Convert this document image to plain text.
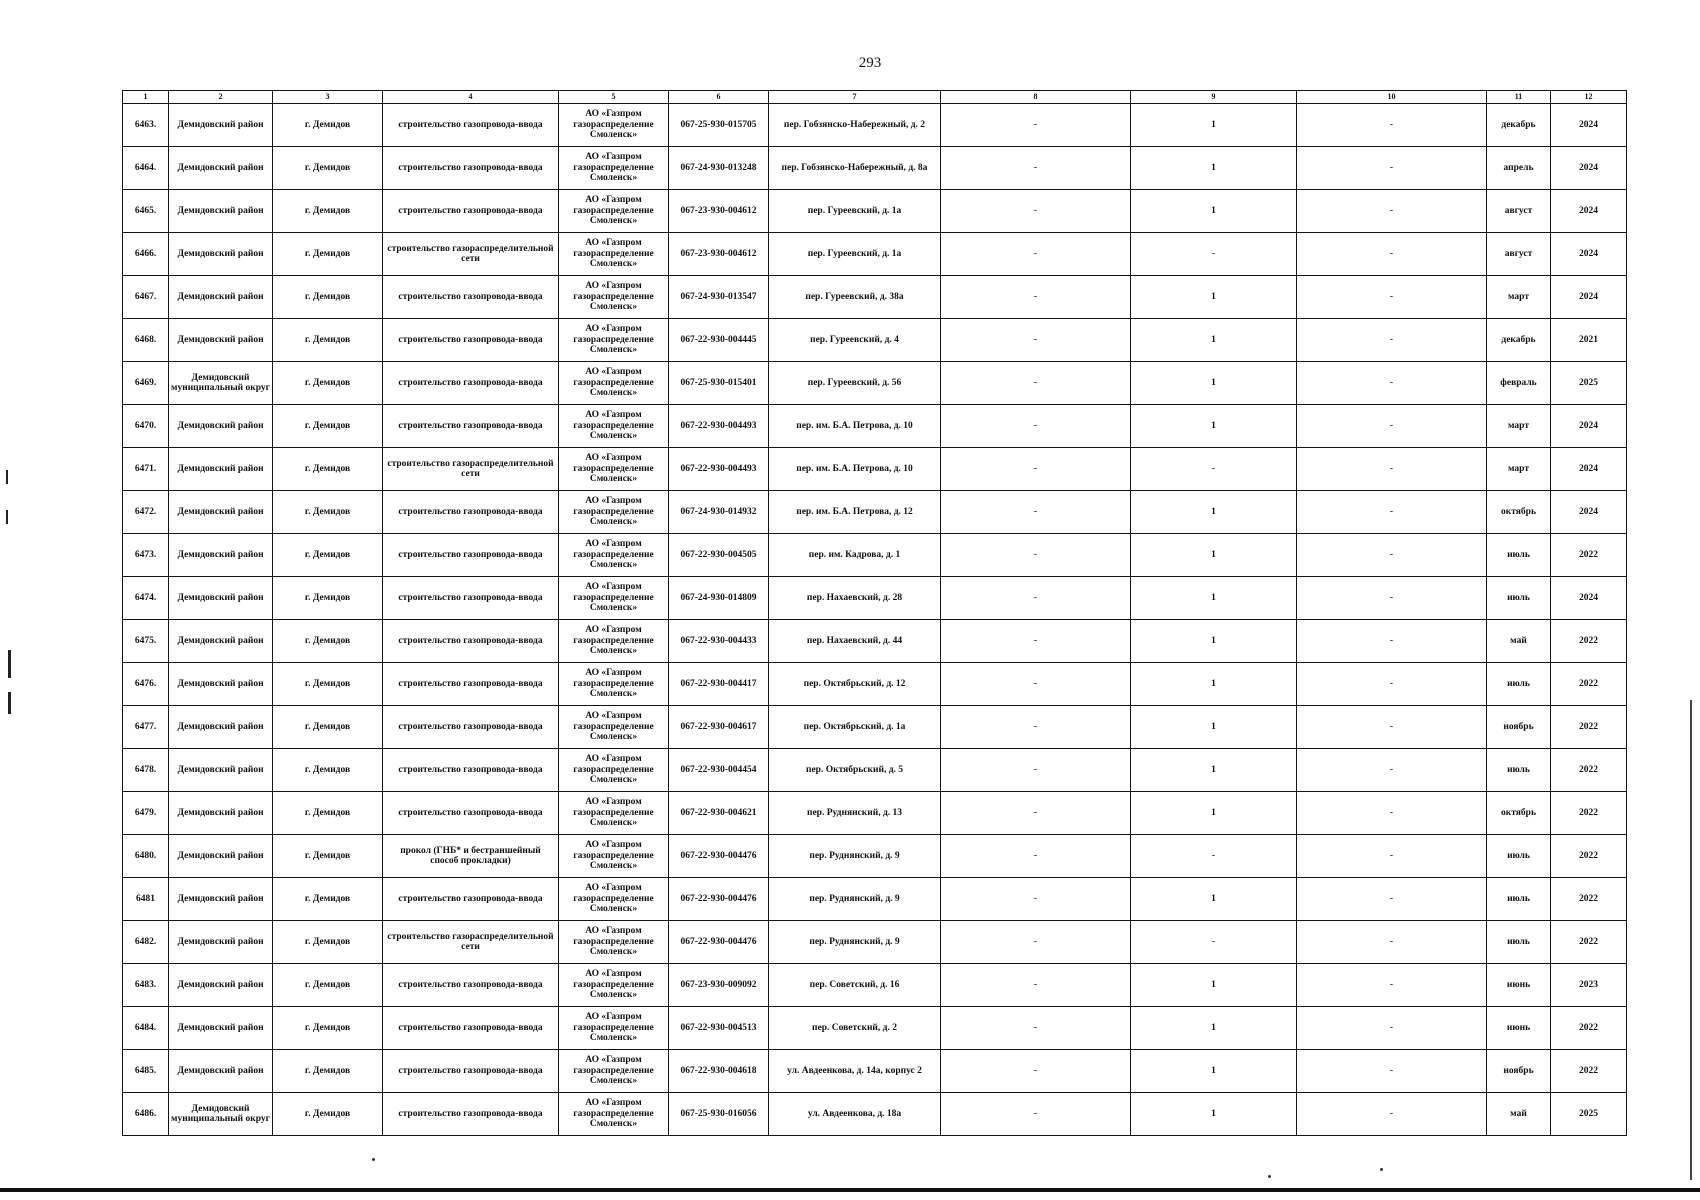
293
1	2	3	4	5	6	7	8	9	10	11	12
6463.	Демидовский район	г. Демидов	строительство газопровода-ввода	АО «Газпром газораспределение Смоленск»	067-25-930-015705	пер. Гобзянско-Набережный, д. 2	-	1	-	декабрь	2024
6464.	Демидовский район	г. Демидов	строительство газопровода-ввода	АО «Газпром газораспределение Смоленск»	067-24-930-013248	пер. Гобзянско-Набережный, д. 8а	-	1	-	апрель	2024
6465.	Демидовский район	г. Демидов	строительство газопровода-ввода	АО «Газпром газораспределение Смоленск»	067-23-930-004612	пер. Гуреевский, д. 1а	-	1	-	август	2024
6466.	Демидовский район	г. Демидов	строительство газораспределительной сети	АО «Газпром газораспределение Смоленск»	067-23-930-004612	пер. Гуреевский, д. 1а	-	-	-	август	2024
6467.	Демидовский район	г. Демидов	строительство газопровода-ввода	АО «Газпром газораспределение Смоленск»	067-24-930-013547	пер. Гуреевский, д. 38а	-	1	-	март	2024
6468.	Демидовский район	г. Демидов	строительство газопровода-ввода	АО «Газпром газораспределение Смоленск»	067-22-930-004445	пер. Гуреевский, д. 4	-	1	-	декабрь	2021
6469.	Демидовский муниципальный округ	г. Демидов	строительство газопровода-ввода	АО «Газпром газораспределение Смоленск»	067-25-930-015401	пер. Гуреевский, д. 56	-	1	-	февраль	2025
6470.	Демидовский район	г. Демидов	строительство газопровода-ввода	АО «Газпром газораспределение Смоленск»	067-22-930-004493	пер. им. Б.А. Петрова, д. 10	-	1	-	март	2024
6471.	Демидовский район	г. Демидов	строительство газораспределительной сети	АО «Газпром газораспределение Смоленск»	067-22-930-004493	пер. им. Б.А. Петрова, д. 10	-	-	-	март	2024
6472.	Демидовский район	г. Демидов	строительство газопровода-ввода	АО «Газпром газораспределение Смоленск»	067-24-930-014932	пер. им. Б.А. Петрова, д. 12	-	1	-	октябрь	2024
6473.	Демидовский район	г. Демидов	строительство газопровода-ввода	АО «Газпром газораспределение Смоленск»	067-22-930-004505	пер. им. Кадрова, д. 1	-	1	-	июль	2022
6474.	Демидовский район	г. Демидов	строительство газопровода-ввода	АО «Газпром газораспределение Смоленск»	067-24-930-014809	пер. Нахаевский, д. 28	-	1	-	июль	2024
6475.	Демидовский район	г. Демидов	строительство газопровода-ввода	АО «Газпром газораспределение Смоленск»	067-22-930-004433	пер. Нахаевский, д. 44	-	1	-	май	2022
6476.	Демидовский район	г. Демидов	строительство газопровода-ввода	АО «Газпром газораспределение Смоленск»	067-22-930-004417	пер. Октябрьский, д. 12	-	1	-	июль	2022
6477.	Демидовский район	г. Демидов	строительство газопровода-ввода	АО «Газпром газораспределение Смоленск»	067-22-930-004617	пер. Октябрьский, д. 1а	-	1	-	ноябрь	2022
6478.	Демидовский район	г. Демидов	строительство газопровода-ввода	АО «Газпром газораспределение Смоленск»	067-22-930-004454	пер. Октябрьский, д. 5	-	1	-	июль	2022
6479.	Демидовский район	г. Демидов	строительство газопровода-ввода	АО «Газпром газораспределение Смоленск»	067-22-930-004621	пер. Руднянский, д. 13	-	1	-	октябрь	2022
6480.	Демидовский район	г. Демидов	прокол (ГНБ* и бестраншейный способ прокладки)	АО «Газпром газораспределение Смоленск»	067-22-930-004476	пер. Руднянский, д. 9	-	-	-	июль	2022
6481	Демидовский район	г. Демидов	строительство газопровода-ввода	АО «Газпром газораспределение Смоленск»	067-22-930-004476	пер. Руднянский, д. 9	-	1	-	июль	2022
6482.	Демидовский район	г. Демидов	строительство газораспределительной сети	АО «Газпром газораспределение Смоленск»	067-22-930-004476	пер. Руднянский, д. 9	-	-	-	июль	2022
6483.	Демидовский район	г. Демидов	строительство газопровода-ввода	АО «Газпром газораспределение Смоленск»	067-23-930-009092	пер. Советский, д. 16	-	1	-	июнь	2023
6484.	Демидовский район	г. Демидов	строительство газопровода-ввода	АО «Газпром газораспределение Смоленск»	067-22-930-004513	пер. Советский, д. 2	-	1	-	июнь	2022
6485.	Демидовский район	г. Демидов	строительство газопровода-ввода	АО «Газпром газораспределение Смоленск»	067-22-930-004618	ул. Авдеенкова, д. 14а, корпус 2	-	1	-	ноябрь	2022
6486.	Демидовский муниципальный округ	г. Демидов	строительство газопровода-ввода	АО «Газпром газораспределение Смоленск»	067-25-930-016056	ул. Авдеенкова, д. 18а	-	1	-	май	2025
